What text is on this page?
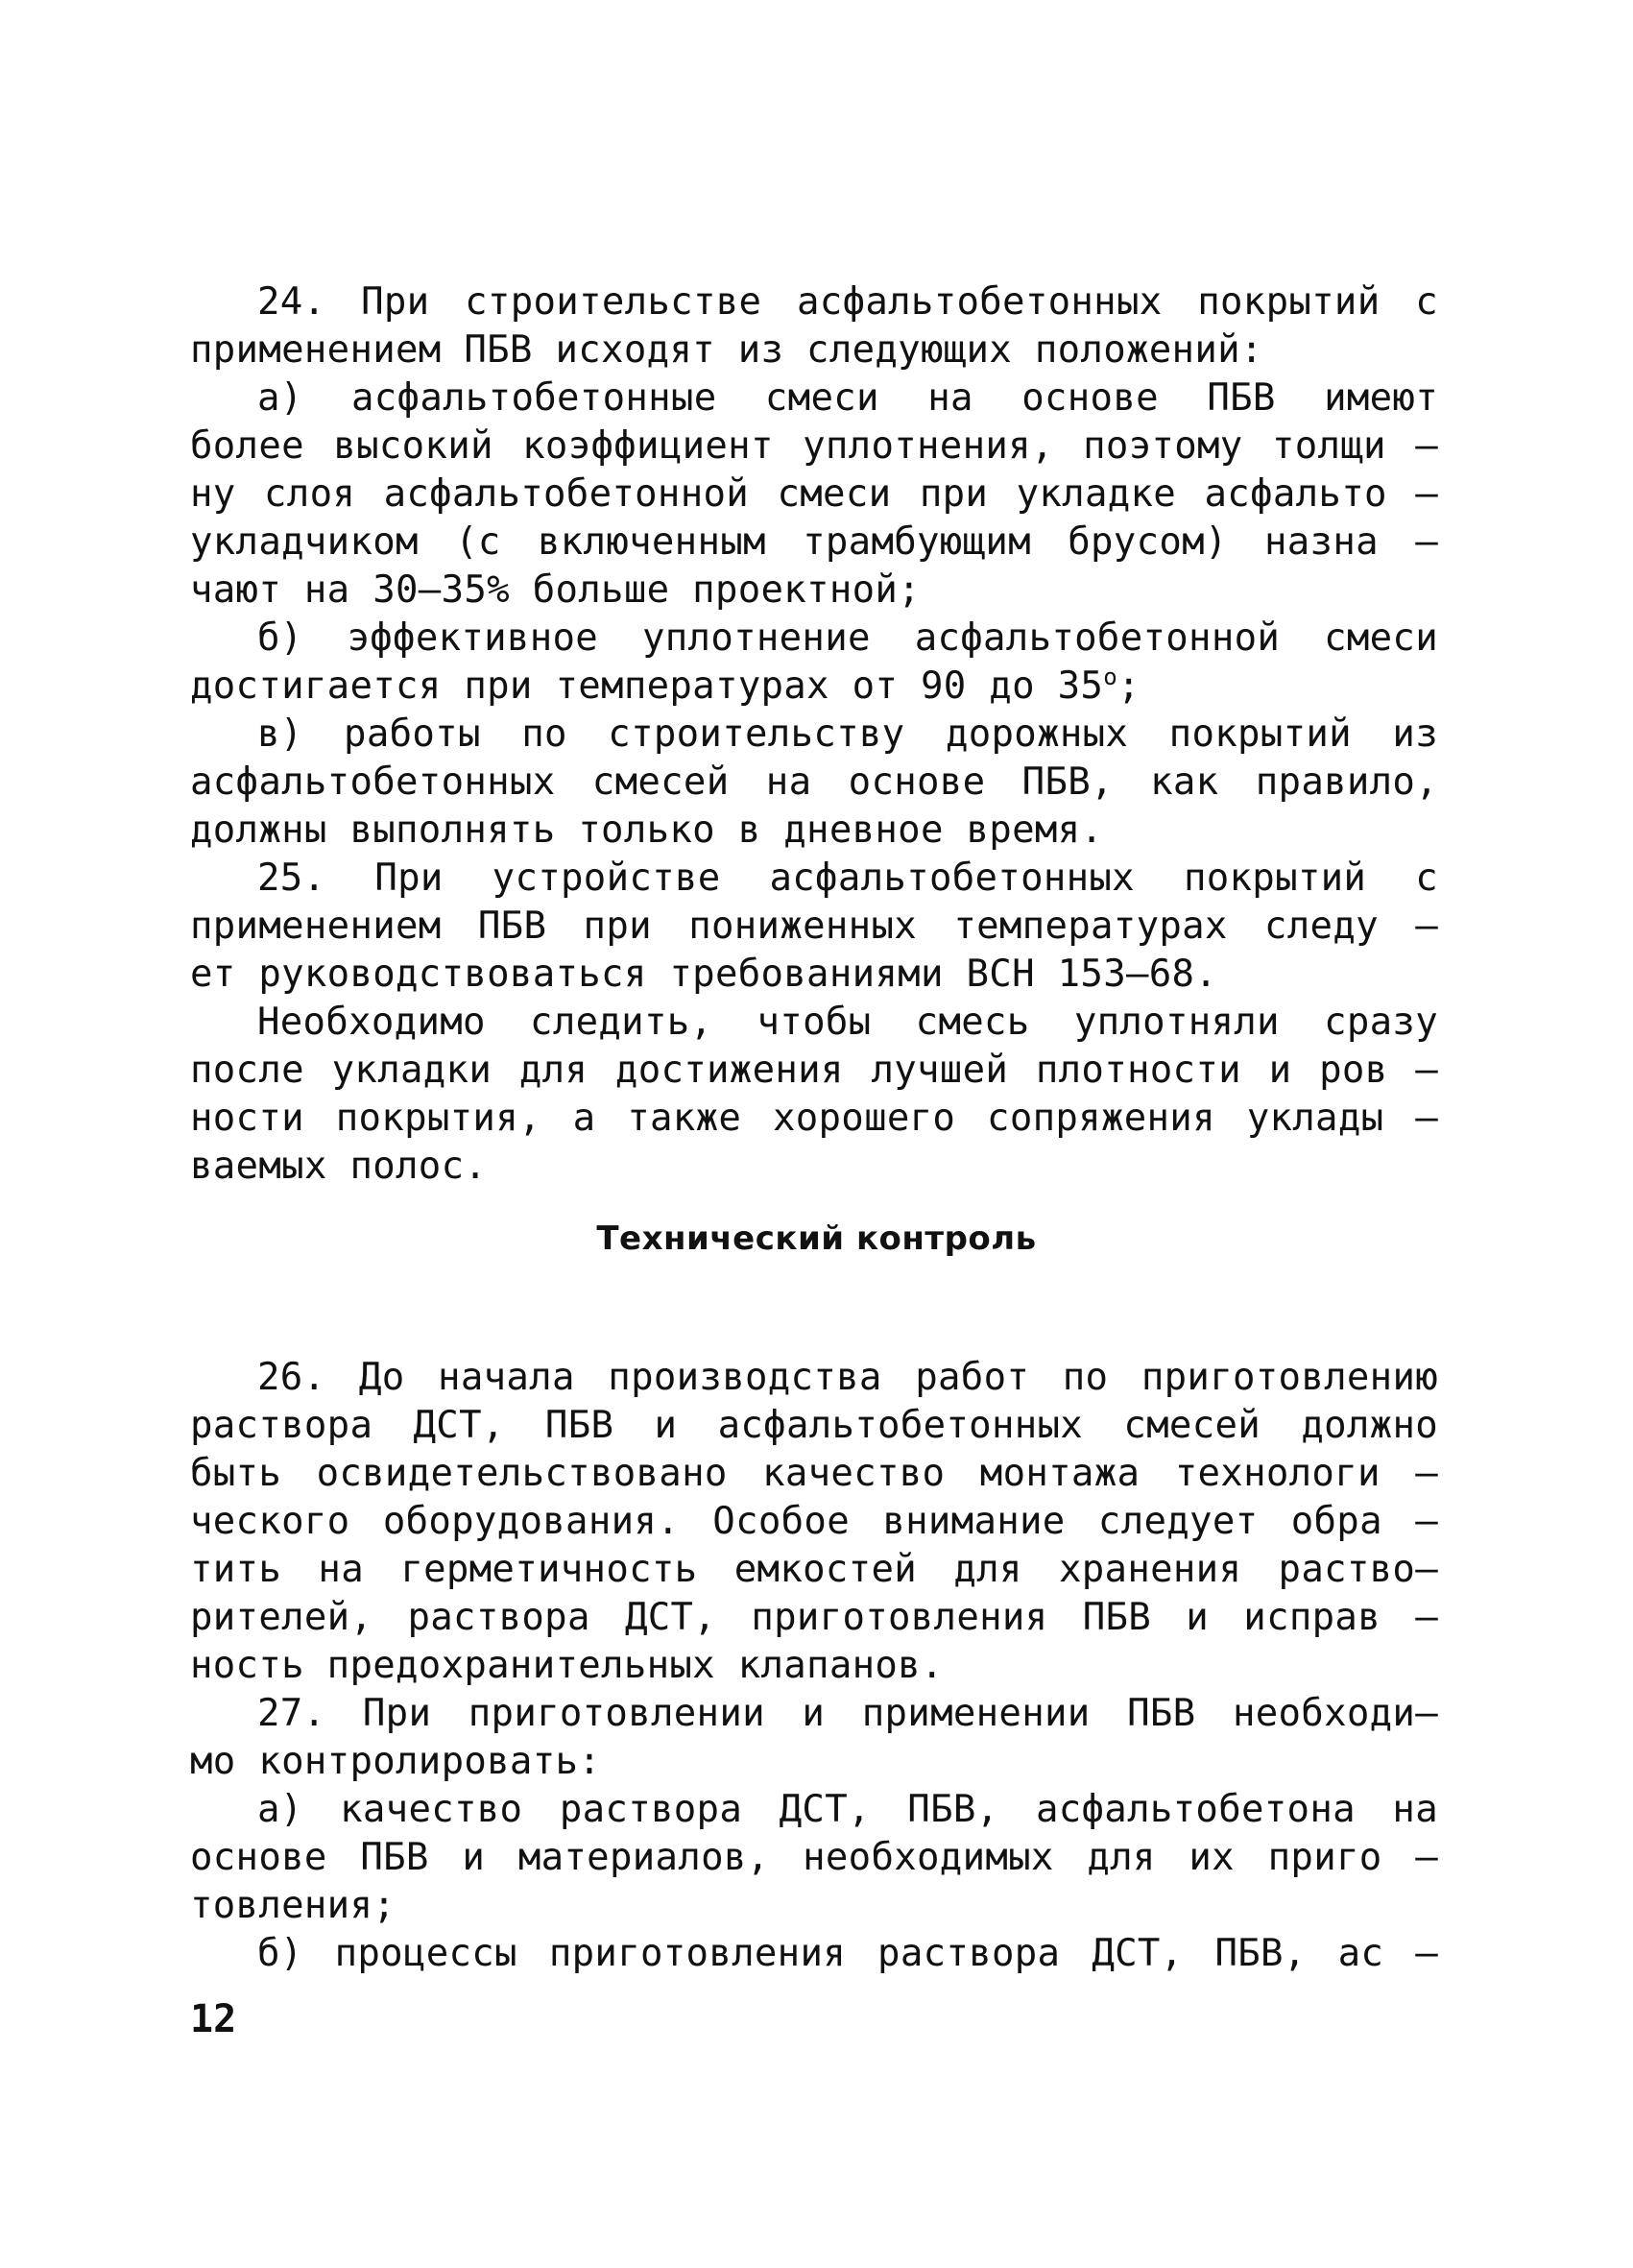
24. При строительстве асфальтобетонных покрытий с
применением ПБВ исходят из следующих положений:
а) асфальтобетонные смеси на основе ПБВ имеют
более высокий коэффициент уплотнения, поэтому толщи –
ну слоя асфальтобетонной смеси при укладке асфальто –
укладчиком (с включенным трамбующим брусом) назна –
чают на 30–35% больше проектной;
б) эффективное уплотнение асфальтобетонной смеси
достигается при температурах от 90 до $35^о$;
в) работы по строительству дорожных покрытий из
асфальтобетонных смесей на основе ПБВ, как правило,
должны выполнять только в дневное время.
25. При устройстве асфальтобетонных покрытий с
применением ПБВ при пониженных температурах следу –
ет руководствоваться требованиями ВСН 153–68.
Необходимо следить, чтобы смесь уплотняли сразу
после укладки для достижения лучшей плотности и ров –
ности покрытия, а также хорошего сопряжения уклады –
ваемых полос.
Технический контроль
26. До начала производства работ по приготовлению
раствора ДСТ, ПБВ и асфальтобетонных смесей должно
быть освидетельствовано качество монтажа технологи –
ческого оборудования. Особое внимание следует обра –
тить на герметичность емкостей для хранения раство–
рителей, раствора ДСТ, приготовления ПБВ и исправ –
ность предохранительных клапанов.
27. При приготовлении и применении ПБВ необходи–
мо контролировать:
а) качество раствора ДСТ, ПБВ, асфальтобетона на
основе ПБВ и материалов, необходимых для их приго –
товления;
б) процессы приготовления раствора ДСТ, ПБВ, ас –
12
